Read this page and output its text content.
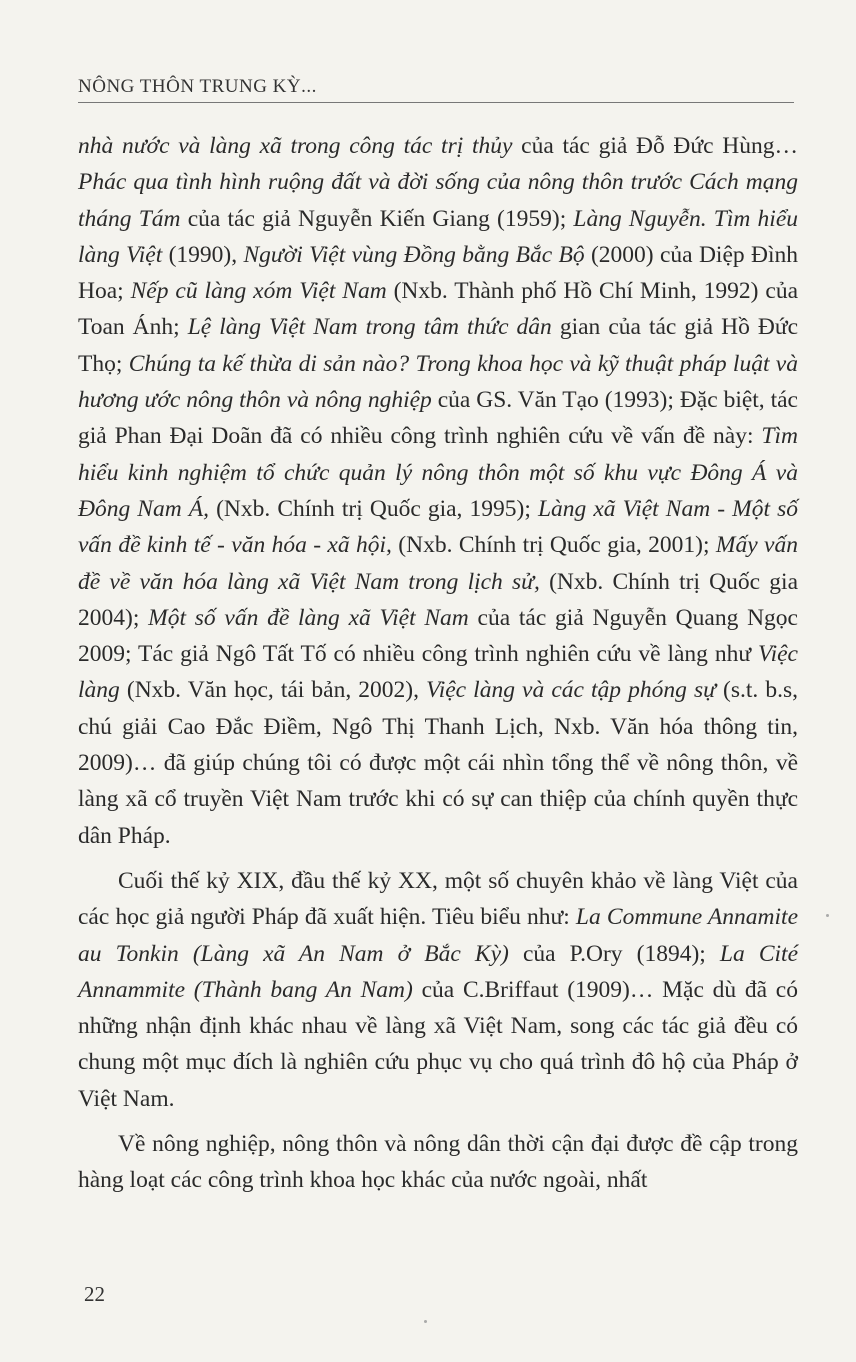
NÔNG THÔN TRUNG KỲ...

nhà nước và làng xã trong công tác trị thủy của tác giả Đỗ Đức Hùng… Phác qua tình hình ruộng đất và đời sống của nông thôn trước Cách mạng tháng Tám của tác giả Nguyễn Kiến Giang (1959); Làng Nguyễn. Tìm hiểu làng Việt (1990), Người Việt vùng Đồng bằng Bắc Bộ (2000) của Diệp Đình Hoa; Nếp cũ làng xóm Việt Nam (Nxb. Thành phố Hồ Chí Minh, 1992) của Toan Ánh; Lệ làng Việt Nam trong tâm thức dân gian của tác giả Hồ Đức Thọ; Chúng ta kế thừa di sản nào? Trong khoa học và kỹ thuật pháp luật và hương ước nông thôn và nông nghiệp của GS. Văn Tạo (1993); Đặc biệt, tác giả Phan Đại Doãn đã có nhiều công trình nghiên cứu về vấn đề này: Tìm hiểu kinh nghiệm tổ chức quản lý nông thôn một số khu vực Đông Á và Đông Nam Á, (Nxb. Chính trị Quốc gia, 1995); Làng xã Việt Nam - Một số vấn đề kinh tế - văn hóa - xã hội, (Nxb. Chính trị Quốc gia, 2001); Mấy vấn đề về văn hóa làng xã Việt Nam trong lịch sử, (Nxb. Chính trị Quốc gia 2004); Một số vấn đề làng xã Việt Nam của tác giả Nguyễn Quang Ngọc 2009; Tác giả Ngô Tất Tố có nhiều công trình nghiên cứu về làng như Việc làng (Nxb. Văn học, tái bản, 2002), Việc làng và các tập phóng sự (s.t. b.s, chú giải Cao Đắc Điềm, Ngô Thị Thanh Lịch, Nxb. Văn hóa thông tin, 2009)… đã giúp chúng tôi có được một cái nhìn tổng thể về nông thôn, về làng xã cổ truyền Việt Nam trước khi có sự can thiệp của chính quyền thực dân Pháp.

Cuối thế kỷ XIX, đầu thế kỷ XX, một số chuyên khảo về làng Việt của các học giả người Pháp đã xuất hiện. Tiêu biểu như: La Commune Annamite au Tonkin (Làng xã An Nam ở Bắc Kỳ) của P.Ory (1894); La Cité Annammite (Thành bang An Nam) của C.Briffaut (1909)… Mặc dù đã có những nhận định khác nhau về làng xã Việt Nam, song các tác giả đều có chung một mục đích là nghiên cứu phục vụ cho quá trình đô hộ của Pháp ở Việt Nam.

Về nông nghiệp, nông thôn và nông dân thời cận đại được đề cập trong hàng loạt các công trình khoa học khác của nước ngoài, nhất

22
